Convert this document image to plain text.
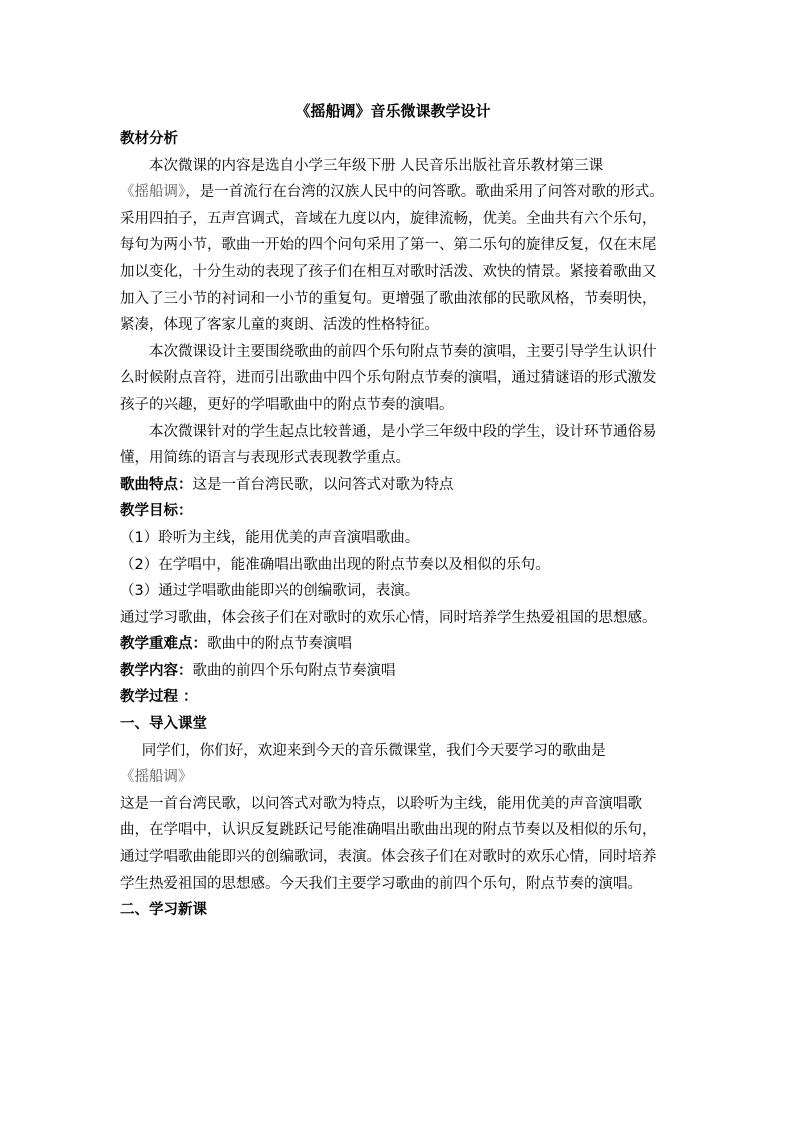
《摇船调》音乐微课教学设计

教材分析

本次微课的内容是选自小学三年级下册 人民音乐出版社音乐教材第三课
《摇船调》，是一首流行在台湾的汉族人民中的问答歌。歌曲采用了问答对歌的形式。采用四拍子，五声宫调式，音域在九度以内，旋律流畅，优美。全曲共有六个乐句，每句为两小节，歌曲一开始的四个问句采用了第一、第二乐句的旋律反复，仅在末尾加以变化，十分生动的表现了孩子们在相互对歌时活泼、欢快的情景。紧接着歌曲又加入了三小节的衬词和一小节的重复句。更增强了歌曲浓郁的民歌风格，节奏明快，紧凑，体现了客家儿童的爽朗、活泼的性格特征。

本次微课设计主要围绕歌曲的前四个乐句附点节奏的演唱，主要引导学生认识什么时候附点音符，进而引出歌曲中四个乐句附点节奏的演唱，通过猜谜语的形式激发孩子的兴趣，更好的学唱歌曲中的附点节奏的演唱。

本次微课针对的学生起点比较普通，是小学三年级中段的学生，设计环节通俗易懂，用简练的语言与表现形式表现教学重点。

歌曲特点：这是一首台湾民歌，以问答式对歌为特点

教学目标：

（1）聆听为主线，能用优美的声音演唱歌曲。

（2）在学唱中，能准确唱出歌曲出现的附点节奏以及相似的乐句。

（3）通过学唱歌曲能即兴的创编歌词，表演。

通过学习歌曲，体会孩子们在对歌时的欢乐心情，同时培养学生热爱祖国的思想感。

教学重难点：歌曲中的附点节奏演唱

教学内容：歌曲的前四个乐句附点节奏演唱

教学过程 ：

一、导入课堂

同学们，你们好，欢迎来到今天的音乐微课堂，我们今天要学习的歌曲是
《摇船调》

这是一首台湾民歌，以问答式对歌为特点，以聆听为主线，能用优美的声音演唱歌曲，在学唱中，认识反复跳跃记号能准确唱出歌曲出现的附点节奏以及相似的乐句，通过学唱歌曲能即兴的创编歌词，表演。体会孩子们在对歌时的欢乐心情，同时培养学生热爱祖国的思想感。今天我们主要学习歌曲的前四个乐句，附点节奏的演唱。

二、学习新课
